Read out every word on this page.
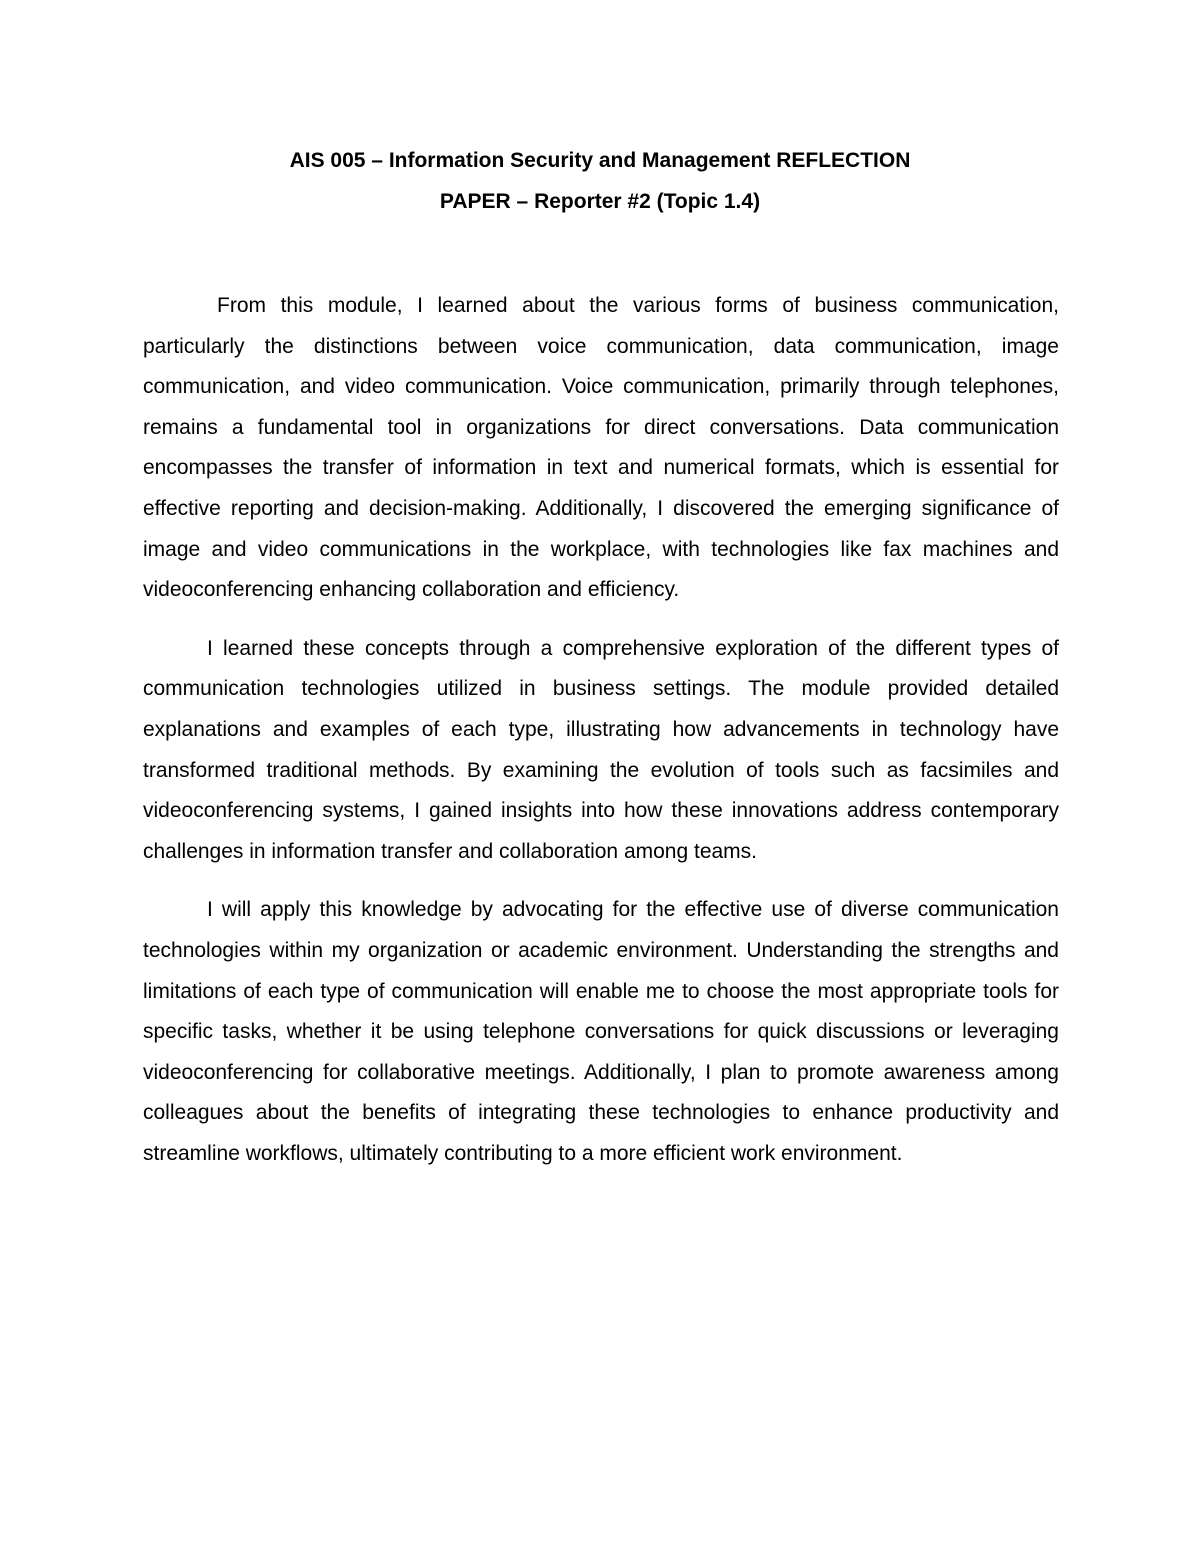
AIS 005 – Information Security and Management REFLECTION
PAPER – Reporter #2 (Topic 1.4)

From this module, I learned about the various forms of business communication, particularly the distinctions between voice communication, data communication, image communication, and video communication. Voice communication, primarily through telephones, remains a fundamental tool in organizations for direct conversations. Data communication encompasses the transfer of information in text and numerical formats, which is essential for effective reporting and decision-making. Additionally, I discovered the emerging significance of image and video communications in the workplace, with technologies like fax machines and videoconferencing enhancing collaboration and efficiency.

I learned these concepts through a comprehensive exploration of the different types of communication technologies utilized in business settings. The module provided detailed explanations and examples of each type, illustrating how advancements in technology have transformed traditional methods. By examining the evolution of tools such as facsimiles and videoconferencing systems, I gained insights into how these innovations address contemporary challenges in information transfer and collaboration among teams.

I will apply this knowledge by advocating for the effective use of diverse communication technologies within my organization or academic environment. Understanding the strengths and limitations of each type of communication will enable me to choose the most appropriate tools for specific tasks, whether it be using telephone conversations for quick discussions or leveraging videoconferencing for collaborative meetings. Additionally, I plan to promote awareness among colleagues about the benefits of integrating these technologies to enhance productivity and streamline workflows, ultimately contributing to a more efficient work environment.
